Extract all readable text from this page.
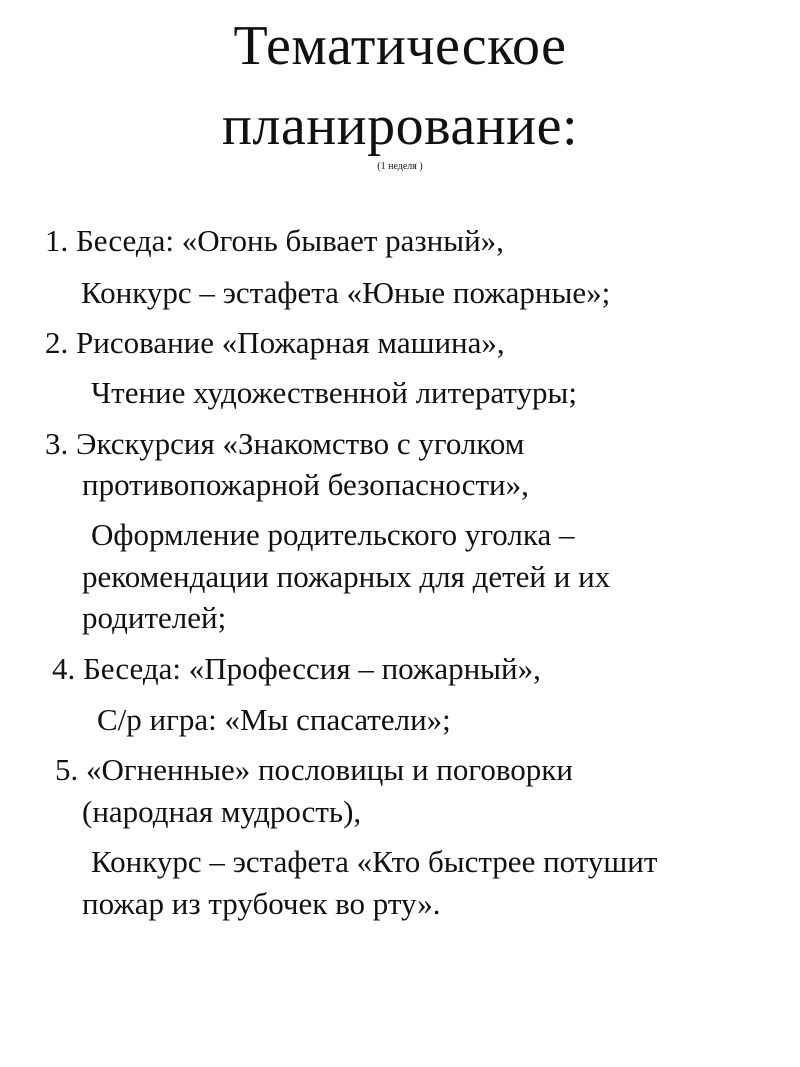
Тематическое
планирование:
(1 неделя )
1. Беседа: «Огонь бывает разный»,
Конкурс – эстафета «Юные пожарные»;
2. Рисование «Пожарная машина»,
Чтение художественной литературы;
3. Экскурсия «Знакомство с уголком
противопожарной безопасности»,
Оформление родительского уголка –
рекомендации пожарных для детей и их
родителей;
4. Беседа: «Профессия – пожарный»,
С/р игра: «Мы спасатели»;
5. «Огненные» пословицы и поговорки
(народная мудрость),
Конкурс – эстафета «Кто быстрее потушит
пожар из трубочек во рту».
